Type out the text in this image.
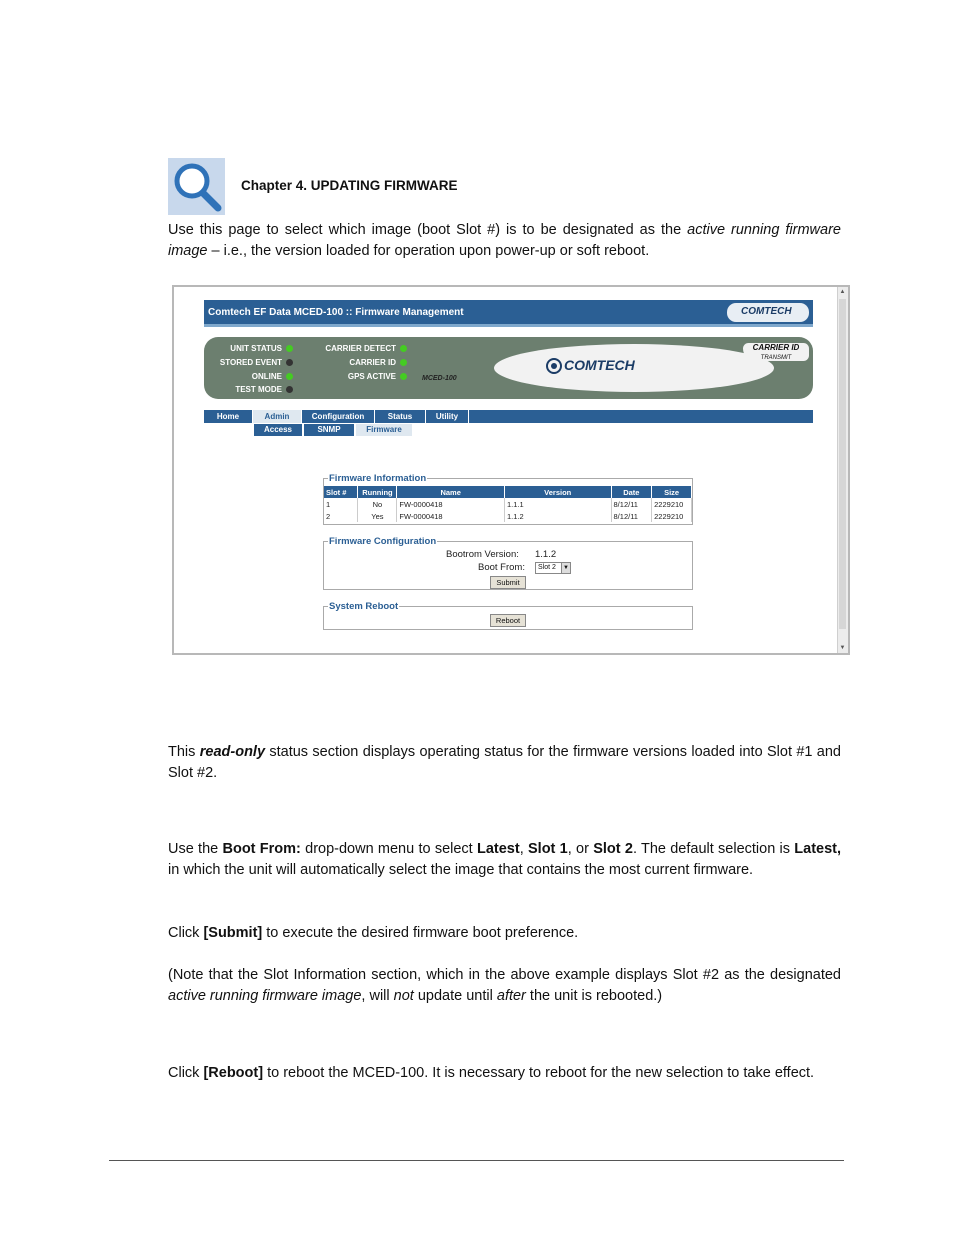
Chapter 4. UPDATING FIRMWARE
Use this page to select which image (boot Slot #) is to be designated as the active running firmware image – i.e., the version loaded for operation upon power-up or soft reboot.
▲
▼
Comtech EF Data MCED-100 :: Firmware Management	COMTECH
UNIT STATUS
STORED EVENT
ONLINE
TEST MODE
CARRIER DETECT
CARRIER ID
GPS ACTIVE	MCED-100
COMTECH
CARRIER ID
TRANSMIT
Home	Admin	Configuration	Status	Utility
Access	SNMP	Firmware
Firmware Information
Slot #	Running	Name	Version	Date	Size
1	No	FW-0000418	1.1.1	8/12/11	2229210
2	Yes	FW-0000418	1.1.2	8/12/11	2229210
Firmware Configuration
Bootrom Version: 1.1.2
Boot From:	Slot 2	▼
Submit
System Reboot
Reboot
This read-only status section displays operating status for the firmware versions loaded into Slot #1 and Slot #2.
Use the Boot From: drop-down menu to select Latest, Slot 1, or Slot 2. The default selection is Latest, in which the unit will automatically select the image that contains the most current firmware.
Click [Submit] to execute the desired firmware boot preference.
(Note that the Slot Information section, which in the above example displays Slot #2 as the designated active running firmware image, will not update until after the unit is rebooted.)
Click [Reboot] to reboot the MCED-100. It is necessary to reboot for the new selection to take effect.
